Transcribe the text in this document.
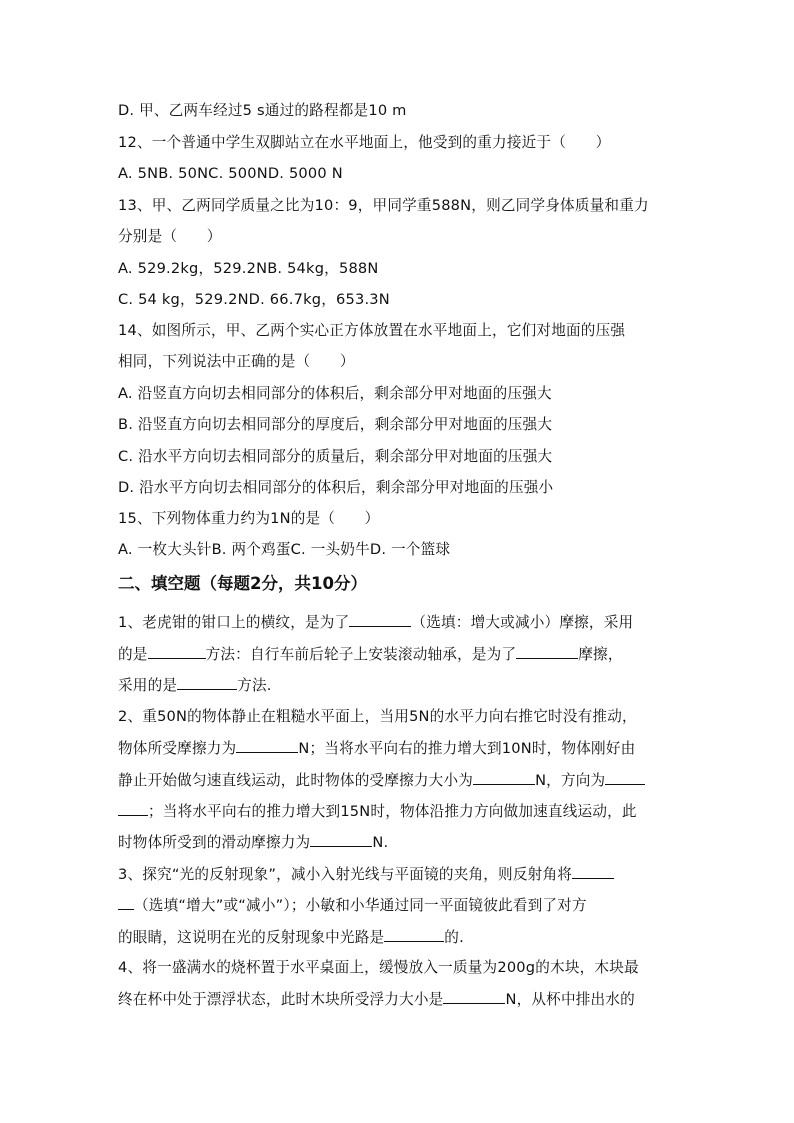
D. 甲、乙两车经过5 s通过的路程都是10 m
12、一个普通中学生双脚站立在水平地面上，他受到的重力接近于（　　）
A. 5NB. 50NC. 500ND. 5000 N
13、甲、乙两同学质量之比为10：9，甲同学重588N，则乙同学身体质量和重力
分别是（　　）
A. 529.2kg，529.2NB. 54kg，588N
C. 54 kg，529.2ND. 66.7kg，653.3N
14、如图所示，甲、乙两个实心正方体放置在水平地面上，它们对地面的压强
相同，下列说法中正确的是（　　）
A. 沿竖直方向切去相同部分的体积后，剩余部分甲对地面的压强大
B. 沿竖直方向切去相同部分的厚度后，剩余部分甲对地面的压强大
C. 沿水平方向切去相同部分的质量后，剩余部分甲对地面的压强大
D. 沿水平方向切去相同部分的体积后，剩余部分甲对地面的压强小
15、下列物体重力约为1N的是（　　）
A. 一枚大头针B. 两个鸡蛋C. 一头奶牛D. 一个篮球
二、填空题（每题2分，共10分）
1、老虎钳的钳口上的横纹，是为了	（选填：增大或减小）摩擦，采用
的是	方法：自行车前后轮子上安装滚动轴承，是为了	摩擦，
采用的是	方法.
2、重50N的物体静止在粗糙水平面上，当用5N的水平力向右推它时没有推动，
物体所受摩擦力为	N；当将水平向右的推力增大到10N时，物体刚好由
静止开始做匀速直线运动，此时物体的受摩擦力大小为	N，方向为
；当将水平向右的推力增大到15N时，物体沿推力方向做加速直线运动，此
时物体所受到的滑动摩擦力为	N.
3、探究“光的反射现象”，减小入射光线与平面镜的夹角，则反射角将
（选填“增大”或“减小”）；小敏和小华通过同一平面镜彼此看到了对方
的眼睛，这说明在光的反射现象中光路是	的.
4、将一盛满水的烧杯置于水平桌面上，缓慢放入一质量为200g的木块，木块最
终在杯中处于漂浮状态，此时木块所受浮力大小是	N，从杯中排出水的
